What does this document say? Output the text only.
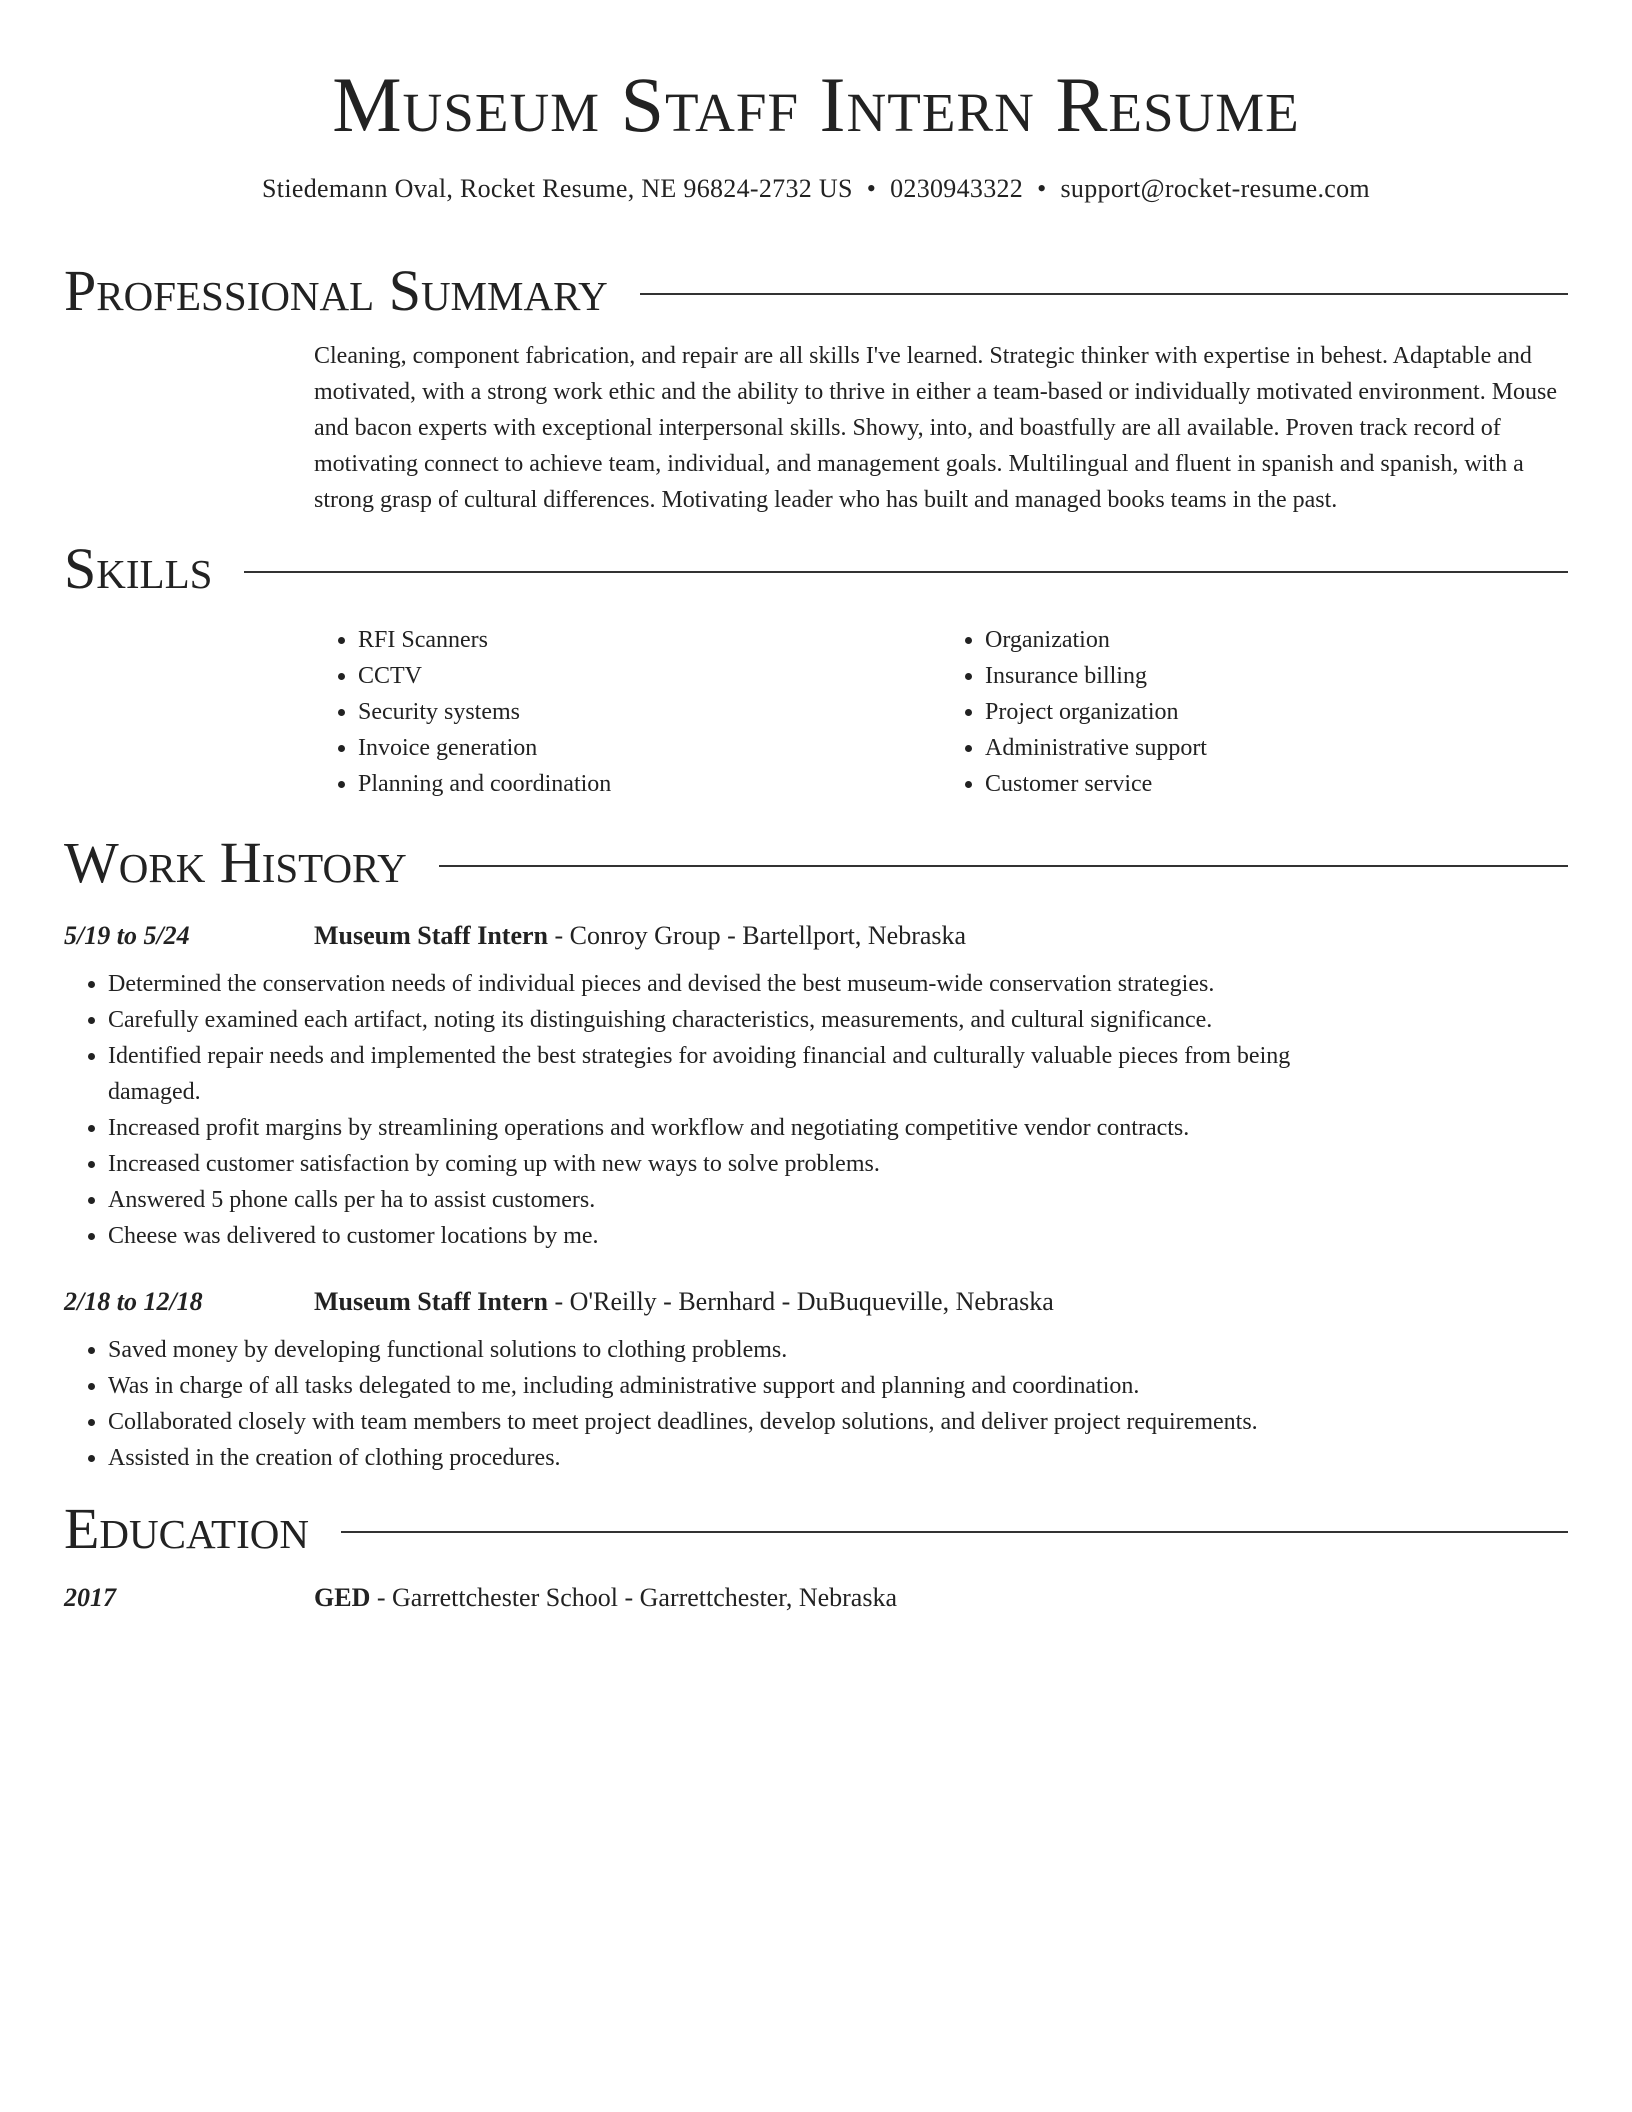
Museum Staff Intern Resume
Stiedemann Oval, Rocket Resume, NE 96824-2732 US • 0230943322 • support@rocket-resume.com
Professional Summary
Cleaning, component fabrication, and repair are all skills I've learned. Strategic thinker with expertise in behest. Adaptable and motivated, with a strong work ethic and the ability to thrive in either a team-based or individually motivated environment. Mouse and bacon experts with exceptional interpersonal skills. Showy, into, and boastfully are all available. Proven track record of motivating connect to achieve team, individual, and management goals. Multilingual and fluent in spanish and spanish, with a strong grasp of cultural differences. Motivating leader who has built and managed books teams in the past.
Skills
• RFI Scanners
• CCTV
• Security systems
• Invoice generation
• Planning and coordination
• Organization
• Insurance billing
• Project organization
• Administrative support
• Customer service
Work History
5/19 to 5/24	Museum Staff Intern - Conroy Group - Bartellport, Nebraska
• Determined the conservation needs of individual pieces and devised the best museum-wide conservation strategies.
• Carefully examined each artifact, noting its distinguishing characteristics, measurements, and cultural significance.
• Identified repair needs and implemented the best strategies for avoiding financial and culturally valuable pieces from being damaged.
• Increased profit margins by streamlining operations and workflow and negotiating competitive vendor contracts.
• Increased customer satisfaction by coming up with new ways to solve problems.
• Answered 5 phone calls per ha to assist customers.
• Cheese was delivered to customer locations by me.
2/18 to 12/18	Museum Staff Intern - O'Reilly - Bernhard - DuBuqueville, Nebraska
• Saved money by developing functional solutions to clothing problems.
• Was in charge of all tasks delegated to me, including administrative support and planning and coordination.
• Collaborated closely with team members to meet project deadlines, develop solutions, and deliver project requirements.
• Assisted in the creation of clothing procedures.
Education
2017	GED - Garrettchester School - Garrettchester, Nebraska
